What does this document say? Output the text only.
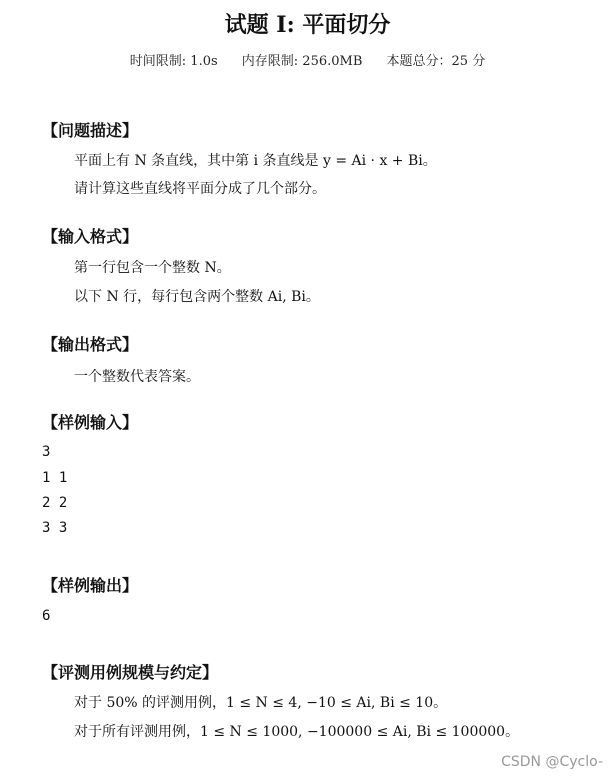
试题 I: 平面切分
时间限制: 1.0s 内存限制: 256.0MB 本题总分：25 分
【问题描述】
平面上有 N 条直线，其中第 i 条直线是 y = Ai · x + Bi。
请计算这些直线将平面分成了几个部分。
【输入格式】
第一行包含一个整数 N。
以下 N 行，每行包含两个整数 Ai, Bi。
【输出格式】
一个整数代表答案。
【样例输入】
3
1 1
2 2
3 3
【样例输出】
6
【评测用例规模与约定】
对于 50% 的评测用例，1 ≤ N ≤ 4, −10 ≤ Ai, Bi ≤ 10。
对于所有评测用例，1 ≤ N ≤ 1000, −100000 ≤ Ai, Bi ≤ 100000。
CSDN @Cyclo-
